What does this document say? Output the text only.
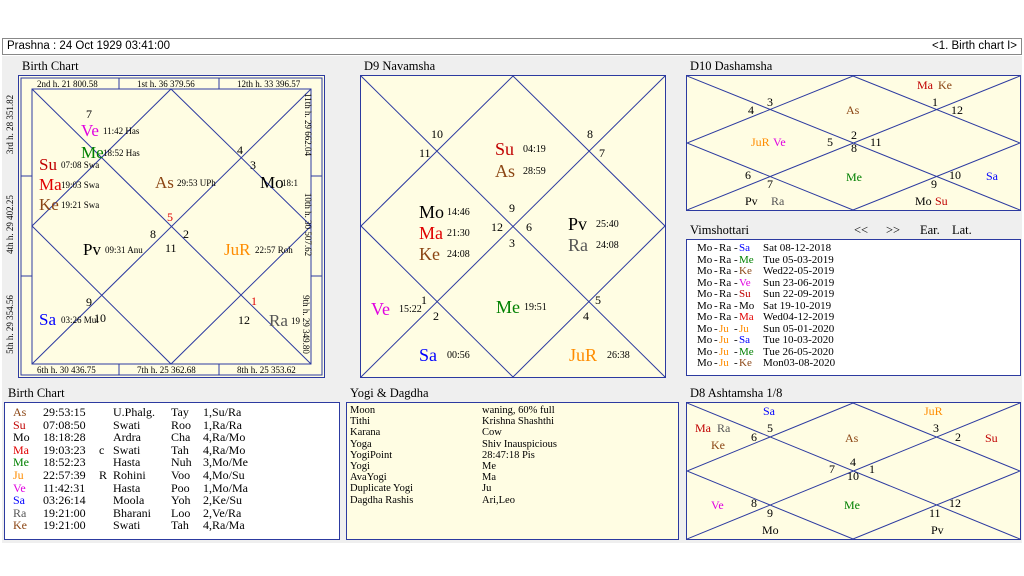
Prashna : 24 Oct 1929 03:41:00	<1. Birth chart I>
Birth Chart
2nd h. 21 800.58	1st h. 36 379.56	12th h. 33 396.57
6th h. 30 436.75	7th h. 25 362.68	8th h. 25 353.62
3rd h. 28 351.82
4th h. 29 402.25
5th h. 29 354.56
11th h. 29 662.04
10th h. 30 507.62
9th h. 29 349.80
Ve 11:42 Has
Me 18:52 Has
Su 07:08 Swa
Ma 19:03 Swa
Ke 19:21 Swa
As 29:53 UPh	Mo
18:1
Pv 09:31 Anu	JuR 22:57 Roh
Sa 03:26 Mul	Ra 19
7
4
3
8
5
2
11
9
10
1
12
D9 Navamsha
Su 04:19
As 28:59
Mo 14:46
Ma 21:30
Ke 24:08
Pv 25:40
Ra 24:08
Ve 15:22	Me 19:51
Sa 00:56	JuR 26:38
10
11
8
7
9
12 6
3
1
2
5
4
D10 Dashamsha
Ma Ke
As
JuR Ve
Me	Sa
Pv Ra	Mo Su
3
4
1
12
5 2
8 11
6
7	9
10
Vimshottari	<< >> Ear. Lat.
Mo - Ra - Sa Sat 08-12-2018
Mo - Ra - Me Tue 05-03-2019
Mo - Ra - Ke Wed22-05-2019
Mo - Ra - Ve Sun 23-06-2019
Mo - Ra - Su Sun 22-09-2019
Mo - Ra - Mo Sat 19-10-2019
Mo - Ra - Ma Wed04-12-2019
Mo - Ju - Ju Sun 05-01-2020
Mo - Ju - Sa Tue 10-03-2020
Mo - Ju - Me Tue 26-05-2020
Mo - Ju - Ke Mon03-08-2020
Birth Chart
As 29:53:15 U.Phalg. Tay 1,Su/Ra
Su 07:08:50 Swati	Roo 1,Ra/Ra
Mo 18:18:28 Ardra	Cha 4,Ra/Mo
Ma 19:03:23 c Swati	Tah 4,Ra/Mo
Me 18:52:23 Hasta	Nuh 3,Mo/Me
Ju 22:57:39 R Rohini Voo 4,Mo/Su
Ve 11:42:31 Hasta	Poo 1,Mo/Ma
Sa 03:26:14 Moola Yoh 2,Ke/Su
Ra 19:21:00 Bharani Loo 2,Ve/Ra
Ke 19:21:00 Swati	Tah 4,Ra/Ma
Yogi & Dagdha
Moon	waning, 60% full
Tithi	Krishna Shashthi
Karana	Cow
Yoga	Shiv Inauspicious
YogiPoint	28:47:18 Pis
Yogi	Me
AvaYogi	Ma
Duplicate Yogi	Ju
Dagdha Rashis	Ari,Leo
D8 Ashtamsha 1/8
Sa	JuR
Ma Ra
Ke	As	Su
Ve	Me
Mo	Pv
5
6
3
2
4
10
7	1
8
9	11
12
